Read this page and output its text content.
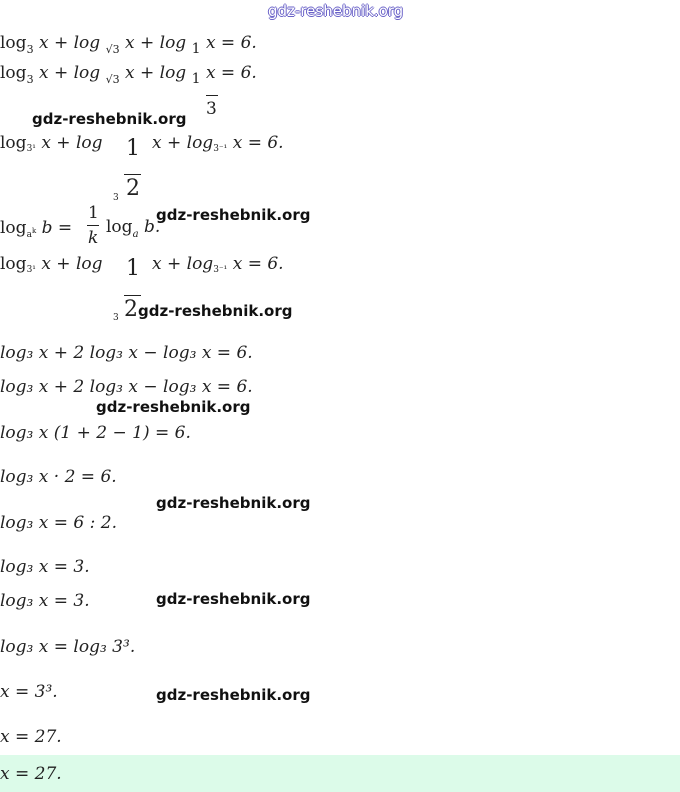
gdz-reshebnik.org
$\log_3 x + \log _{√3}$ x + log $_1$ x = 6.
$\log_3 x + \log _{√3}$ x + log $_1$ x = 6.
3
gdz-reshebnik.org
log3¹ x + log	x + log3⁻¹ x = 6.
3
1
2
$\log_{a^k} b$ =
1
k
$\log_a b$.
gdz-reshebnik.org
log3¹ x + log	x + log3⁻¹ x = 6.
3
1
2 gdz-reshebnik.org
log₃ x + 2 log₃ x − log₃ x = 6.
log₃ x + 2 log₃ x − log₃ x = 6.
gdz-reshebnik.org
log₃ x (1 + 2 − 1) = 6.
log₃ x · 2 = 6.
gdz-reshebnik.org
log₃ x = 6 : 2.
log₃ x = 3.
log₃ x = 3.	gdz-reshebnik.org
log₃ x = log₃ 3³.
x = 3³.	gdz-reshebnik.org
x = 27.
x = 27.
